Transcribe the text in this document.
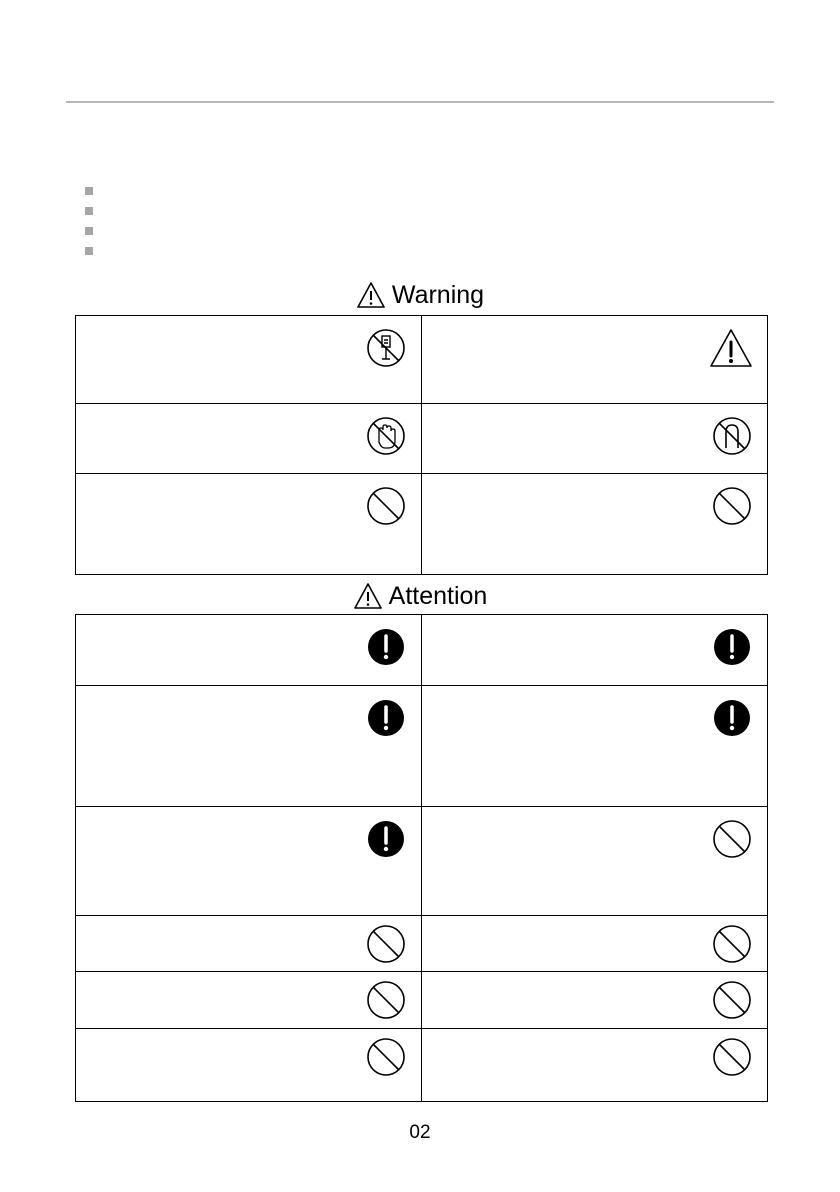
Warning
Attention
02
